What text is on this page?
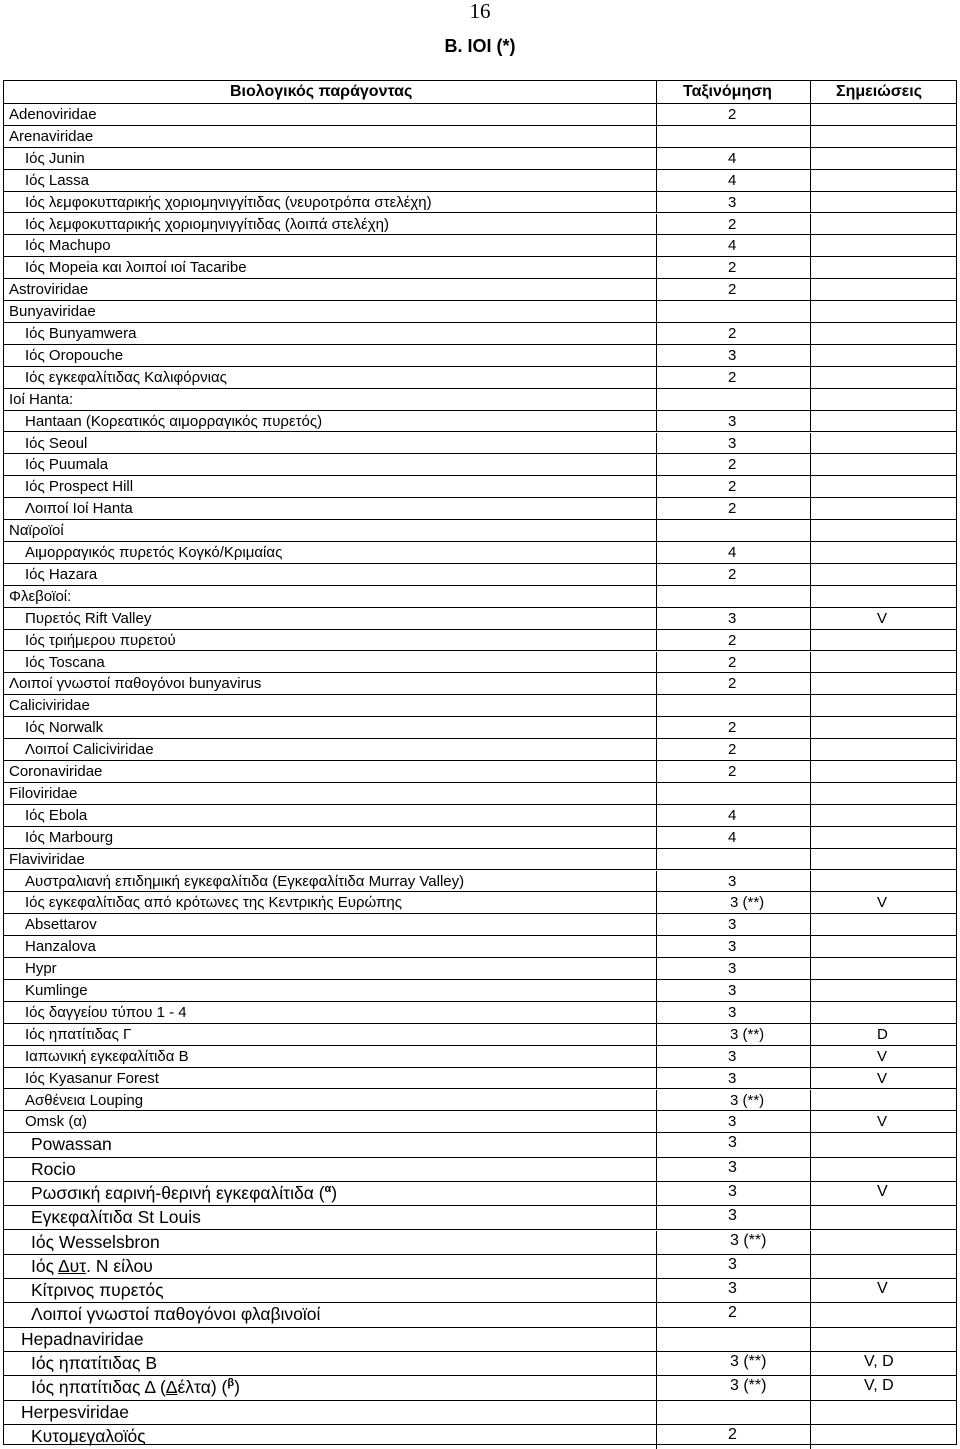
16
Β. ΙΟΙ (*)
Βιολογικός παράγοντας	Ταξινόμηση	Σημειώσεις
Adenoviridae	2
Arenaviridae
Ιός Junin	4
Ιός Lassa	4
Ιός λεμφοκυτταρικής χοριομηνιγγίτιδας (νευροτρόπα στελέχη)	3
Ιός λεμφοκυτταρικής χοριομηνιγγίτιδας (λοιπά στελέχη)	2
Ιός Machupo	4
Ιός Mopeia και λοιποί ιοί Tacaribe	2
Astroviridae	2
Bunyaviridae
Ιός Bunyamwera	2
Ιός Oropouche	3
Ιός εγκεφαλίτιδας Καλιφόρνιας	2
Ιοί Hanta:
Hantaan (Κορεατικός αιμορραγικός πυρετός)	3
Ιός Seoul	3
Ιός Puumala	2
Ιός Prospect Hill	2
Λοιποί Ιοί Hanta	2
Ναϊροϊοί
Αιμορραγικός πυρετός Κογκό/Κριμαίας	4
Ιός Hazara	2
Φλεβοϊοί:
Πυρετός Rift Valley	3	V
Ιός τριήμερου πυρετού	2
Ιός Toscana	2
Λοιποί γνωστοί παθογόνοι bunyavirus	2
Caliciviridae
Ιός Norwalk	2
Λοιποί Caliciviridae	2
Coronaviridae	2
Filoviridae
Ιός Ebola	4
Ιός Marbourg	4
Flaviviridae
Αυστραλιανή επιδημική εγκεφαλίτιδα (Εγκεφαλίτιδα Murray Valley)	3
Ιός εγκεφαλίτιδας από κρότωνες της Κεντρικής Ευρώπης	3 (**)	V
Absettarov	3
Hanzalova	3
Hypr	3
Kumlinge	3
Ιός δαγγείου τύπου 1 - 4	3
Ιός ηπατίτιδας Γ	3 (**)	D
Ιαπωνική εγκεφαλίτιδα B	3	V
Ιός Kyasanur Forest	3	V
Ασθένεια Louping	3 (**)
Omsk (α)	3	V
Powassan	3
Rocio	3
Ρωσσική εαρινή-θερινή εγκεφαλίτιδα ($^\alpha$)	3	V
Εγκεφαλίτιδα St Louis	3
Ιός Wesselsbron	3 (**)
Ιός Δυτ. Ν είλου	3
Κίτρινος πυρετός	3	V
Λοιποί γνωστοί παθογόνοι φλαβινοϊοί	2
Hepadnaviridae
Ιός ηπατίτιδας B	3 (**)	V, D
Ιός ηπατίτιδας Δ (Δέλτα) ($^\beta$)	3 (**)	V, D
Herpesviridae
Κυτομεγαλοϊός	2
